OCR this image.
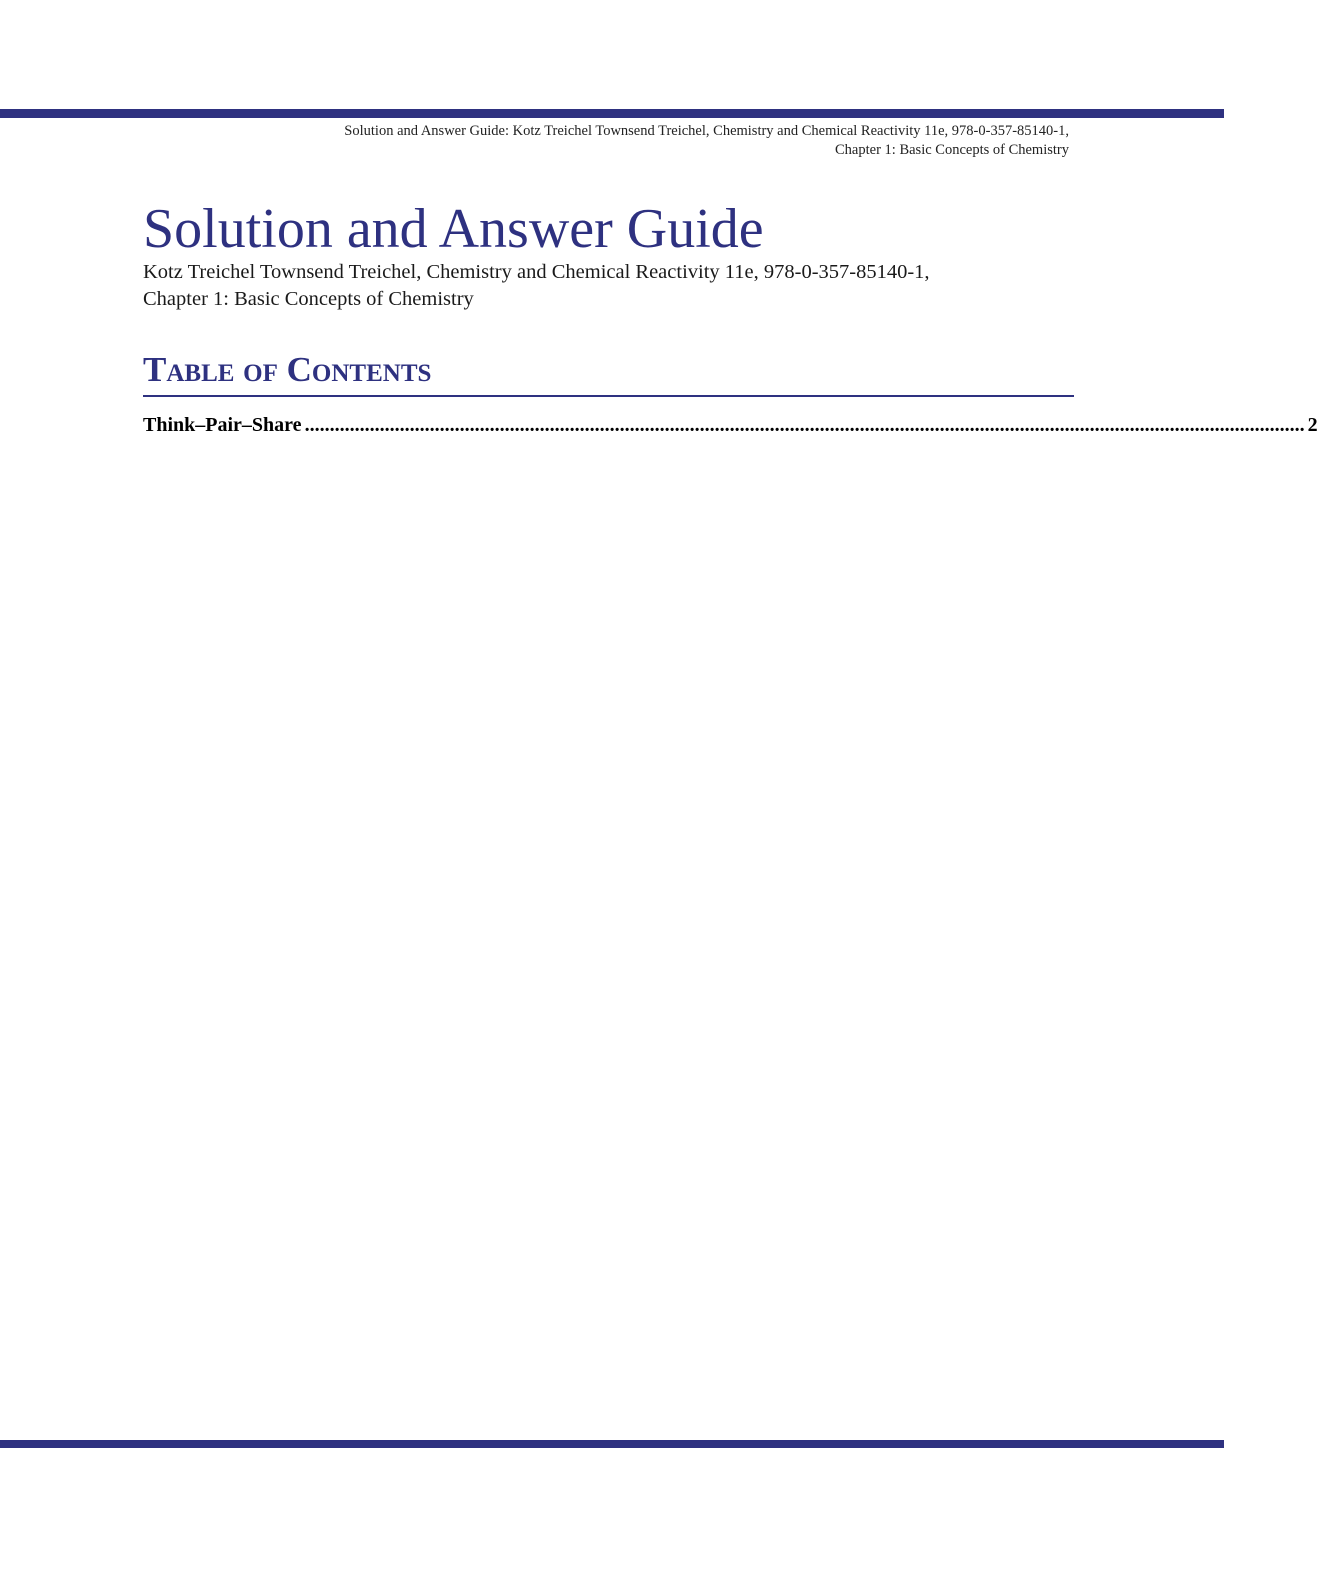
Solution and Answer Guide: Kotz Treichel Townsend Treichel, Chemistry and Chemical Reactivity 11e, 978-0-357-85140-1,
Chapter 1: Basic Concepts of Chemistry
Solution and Answer Guide
Kotz Treichel Townsend Treichel, Chemistry and Chemical Reactivity 11e, 978-0-357-85140-1,
Chapter 1: Basic Concepts of Chemistry
Table of Contents
Think–Pair–Share ........................................................................................................................................................................................................ 2
